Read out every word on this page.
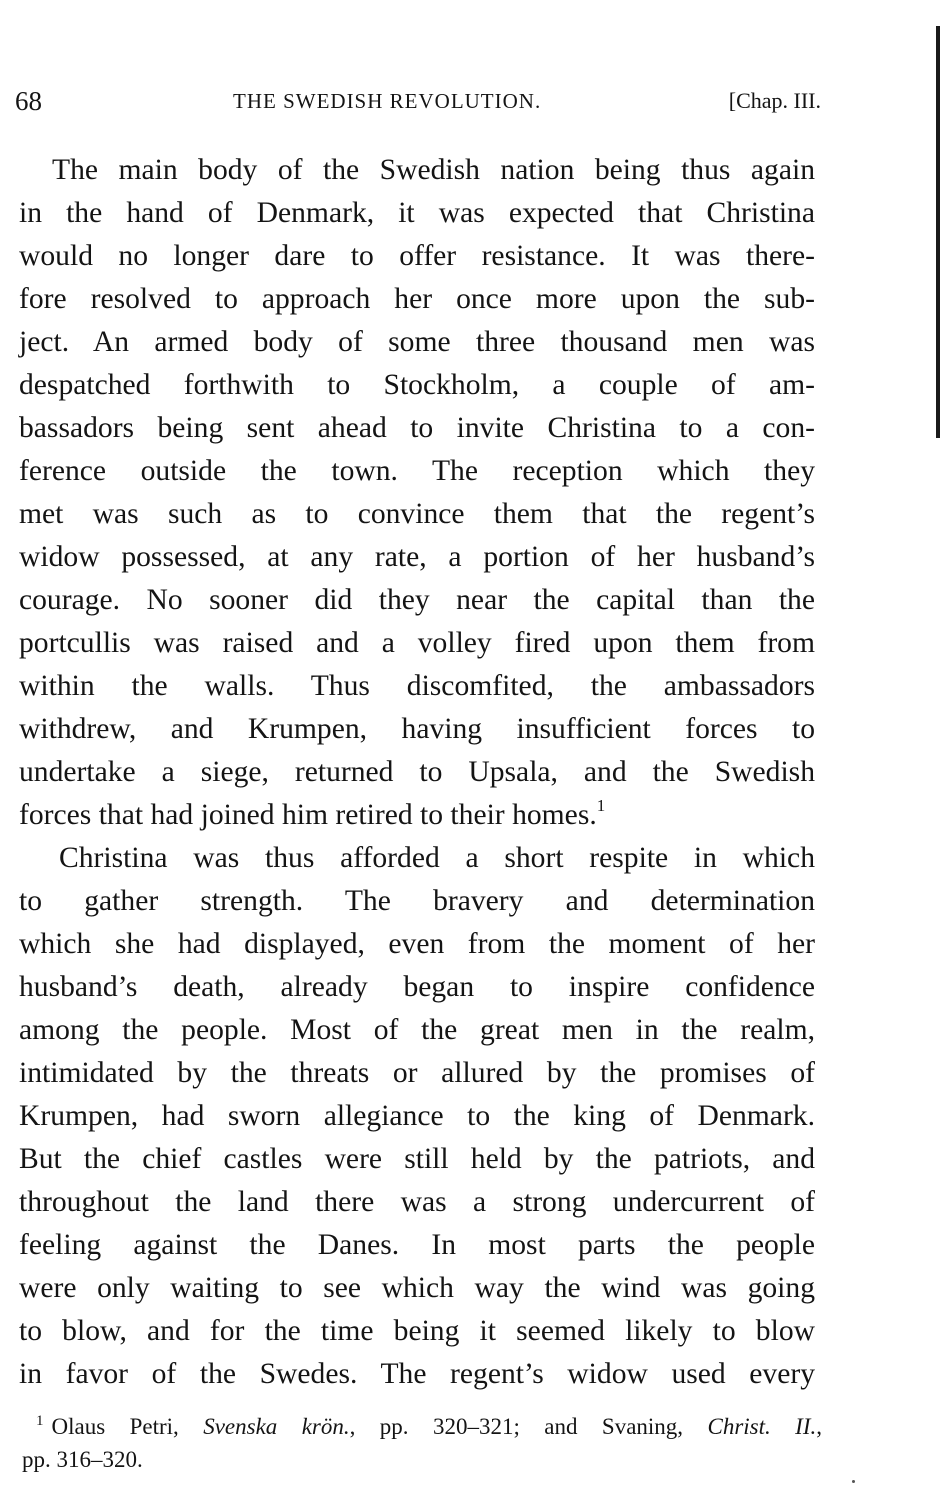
68	THE SWEDISH REVOLUTION.	[Chap. III.
The main body of the Swedish nation being thus again
in the hand of Denmark, it was expected that Christina
would no longer dare to offer resistance. It was there-
fore resolved to approach her once more upon the sub-
ject. An armed body of some three thousand men was
despatched forthwith to Stockholm, a couple of am-
bassadors being sent ahead to invite Christina to a con-
ference outside the town. The reception which they
met was such as to convince them that the regent’s
widow possessed, at any rate, a portion of her husband’s
courage. No sooner did they near the capital than the
portcullis was raised and a volley fired upon them from
within the walls. Thus discomfited, the ambassadors
withdrew, and Krumpen, having insufficient forces to
undertake a siege, returned to Upsala, and the Swedish
forces that had joined him retired to their homes.$^1$
Christina was thus afforded a short respite in which
to gather strength. The bravery and determination
which she had displayed, even from the moment of her
husband’s death, already began to inspire confidence
among the people. Most of the great men in the realm,
intimidated by the threats or allured by the promises of
Krumpen, had sworn allegiance to the king of Denmark.
But the chief castles were still held by the patriots, and
throughout the land there was a strong undercurrent of
feeling against the Danes. In most parts the people
were only waiting to see which way the wind was going
to blow, and for the time being it seemed likely to blow
in favor of the Swedes. The regent’s widow used every
$^1$ Olaus Petri, Svenska krön., pp. 320–321; and Svaning, Christ. II.,
pp. 316–320.
